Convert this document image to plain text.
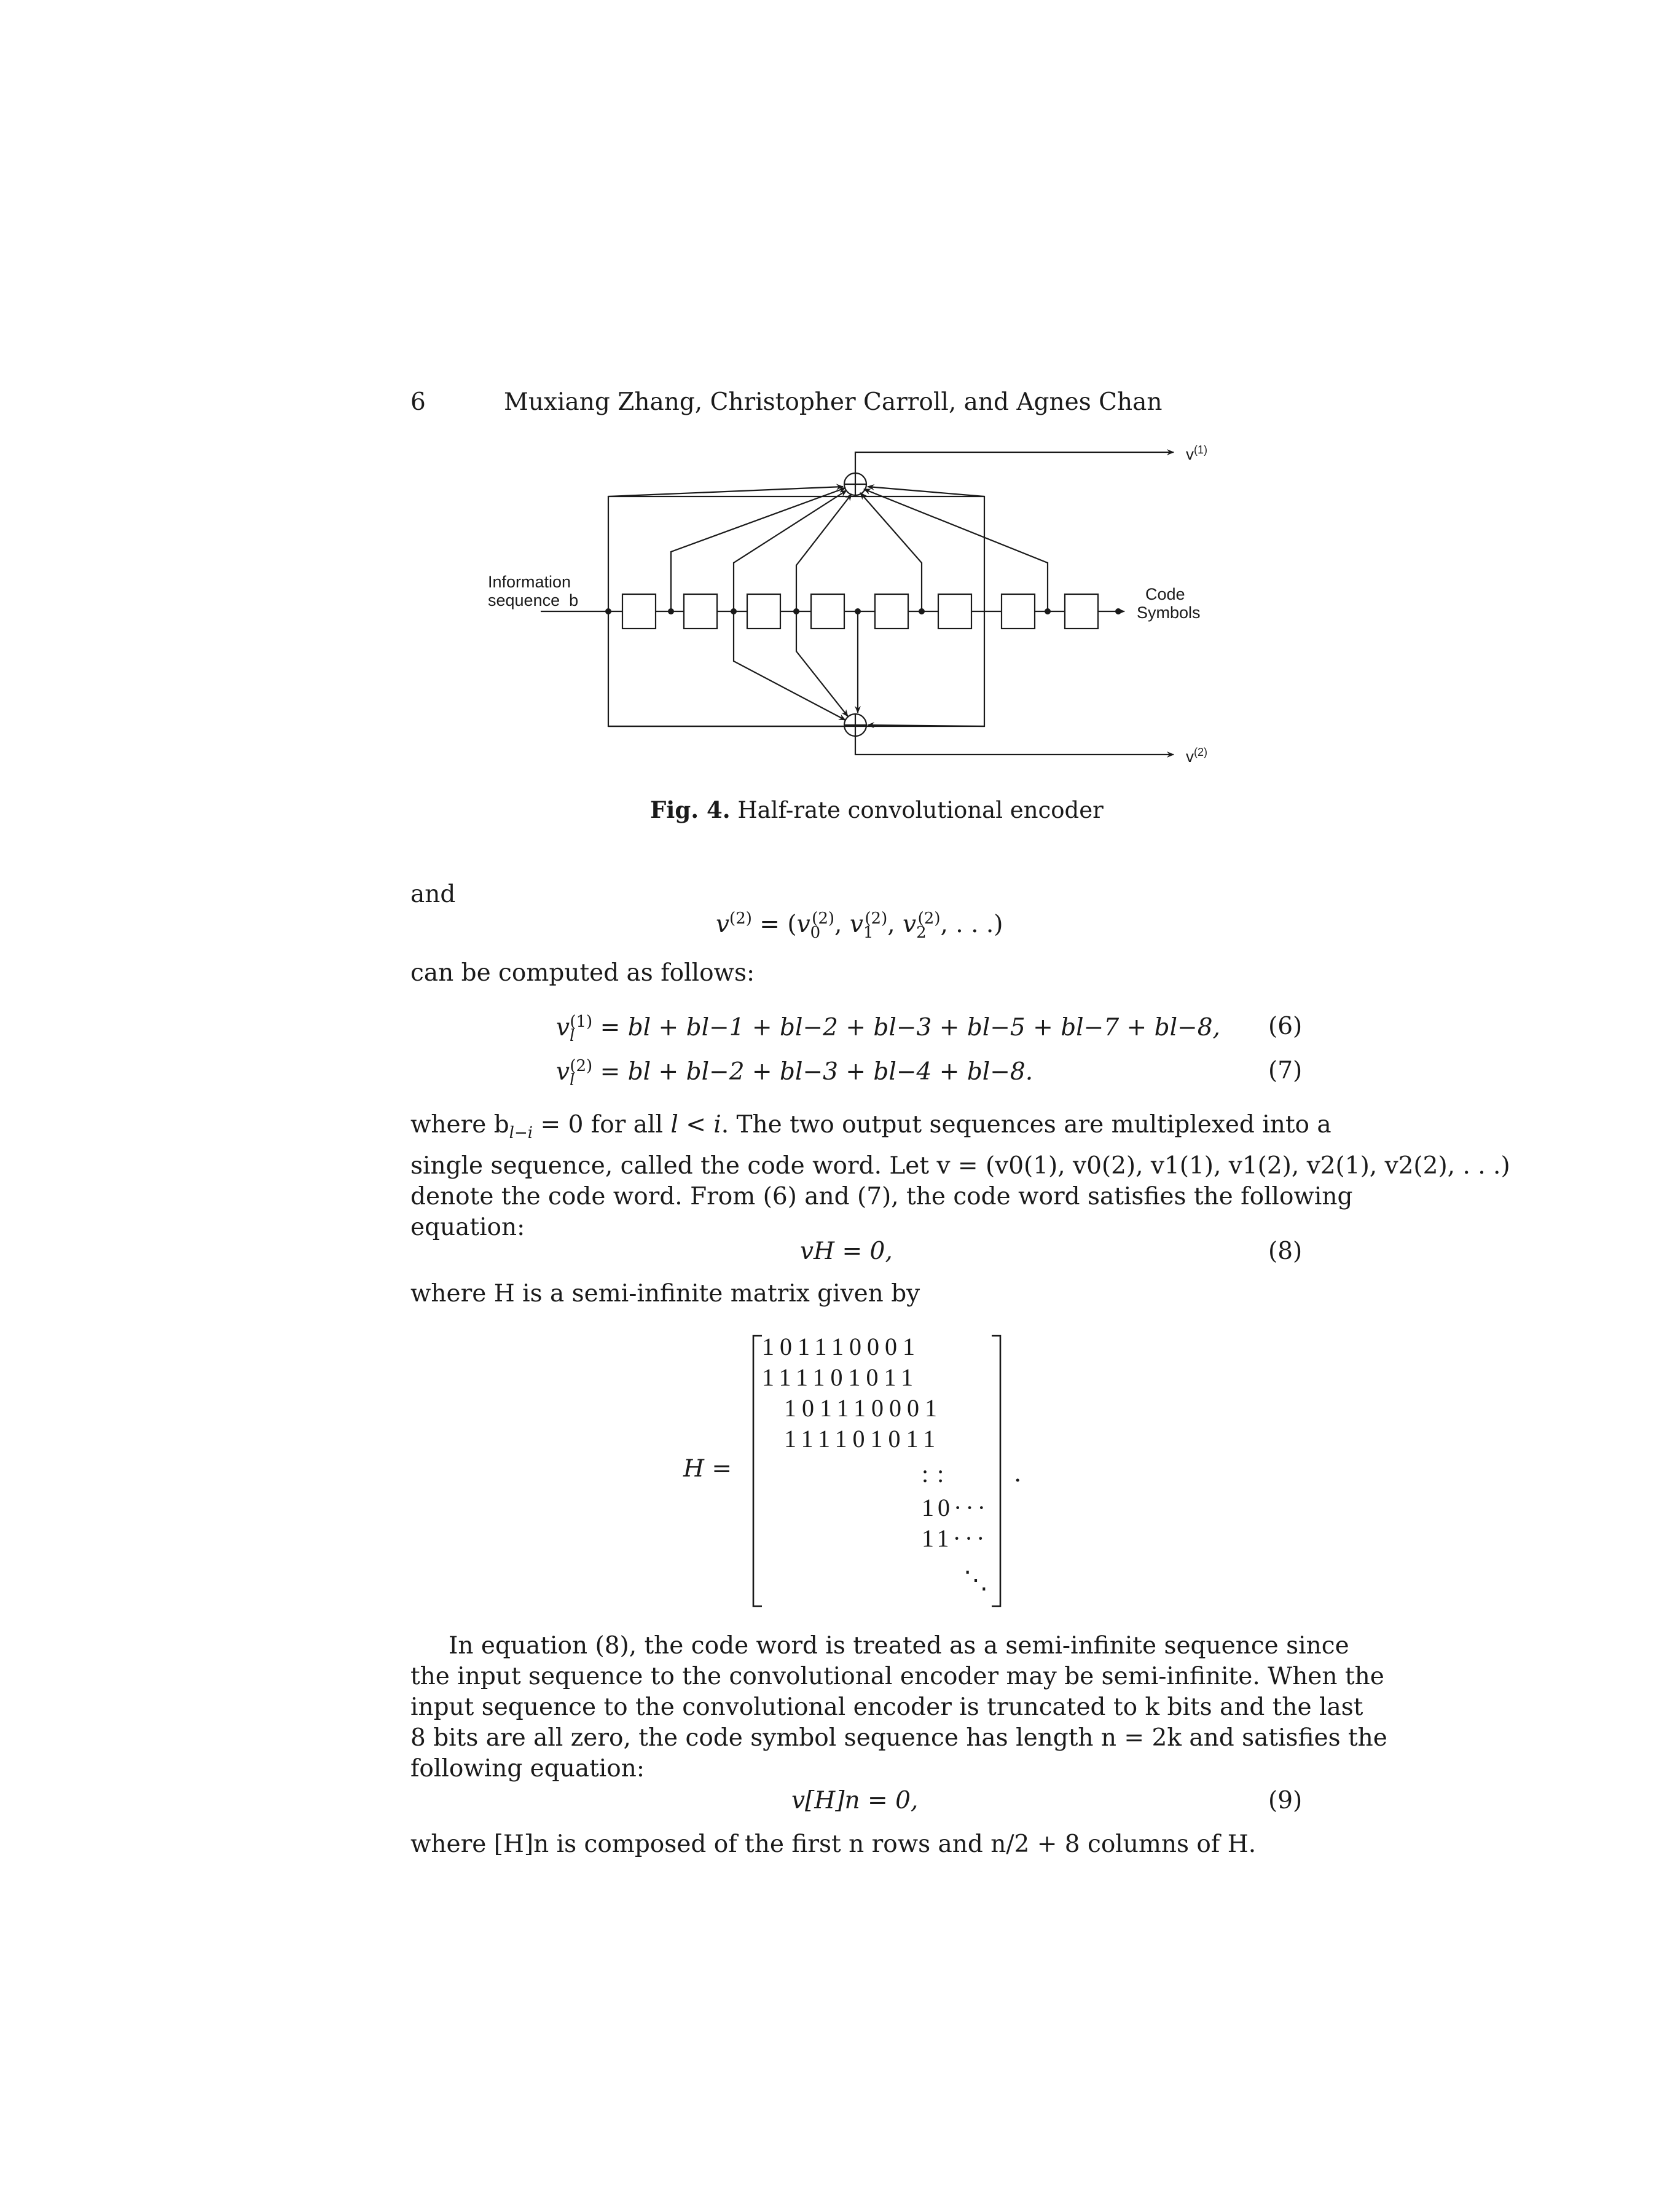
6	Muxiang Zhang, Christopher Carroll, and Agnes Chan
Information
sequence  b	Code
Symbols
$v^{(1)}$
$v^{(2)}$
Fig. 4. Half-rate convolutional encoder
and
$v^{(2)} = (v_0^{(2)}$, $v_1^{(2)}$, $v_2^{(2)}$, . . .)
can be computed as follows:
$v_l^{(1)}$ = bl + bl−1 + bl−2 + bl−3 + bl−5 + bl−7 + bl−8, (6)
$v_l^{(2)}$ = bl + bl−2 + bl−3 + bl−4 + bl−8.	(7)
where $b_{l-i} = 0$ for all l < i. The two output sequences are multiplexed into a
single sequence, called the code word. Let v = (v0(1), v0(2), v1(1), v1(2), v2(1), v2(2), . . .)
denote the code word. From (6) and (7), the code word satisfies the following
equation:
vH = 0,	(8)
where H is a semi-infinite matrix given by
H =
101110001
111101011
101110001
111101011
: :
10···
11···
⋱
.
In equation (8), the code word is treated as a semi-infinite sequence since
the input sequence to the convolutional encoder may be semi-infinite. When the
input sequence to the convolutional encoder is truncated to k bits and the last
8 bits are all zero, the code symbol sequence has length n = 2k and satisfies the
following equation:
v[H]n = 0,	(9)
where [H]n is composed of the first n rows and n/2 + 8 columns of H.
